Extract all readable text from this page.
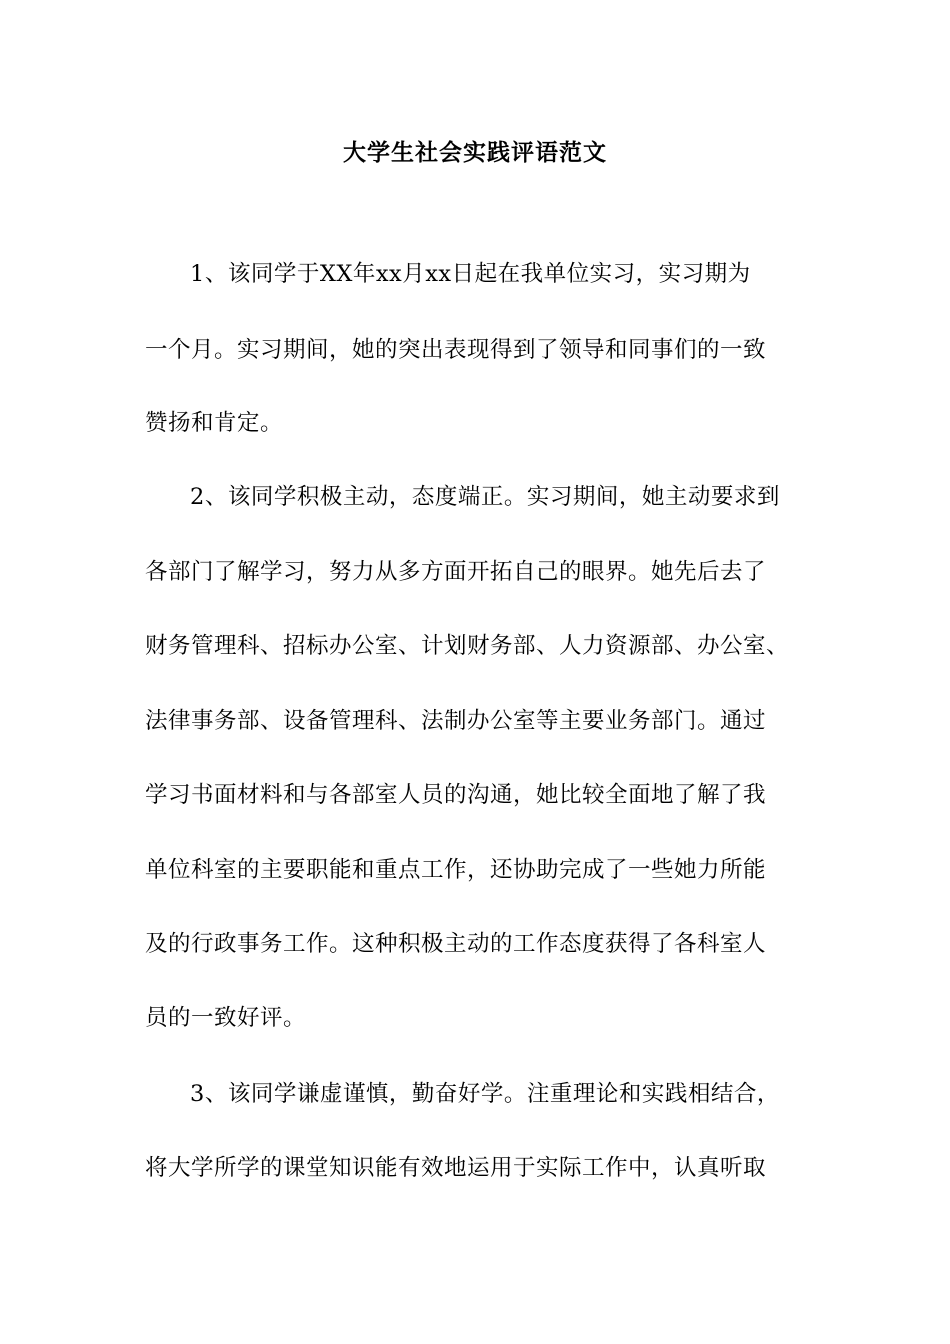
大学生社会实践评语范文
1、该同学于XX年xx月xx日起在我单位实习，实习期为
一个月。实习期间，她的突出表现得到了领导和同事们的一致
赞扬和肯定。
2、该同学积极主动，态度端正。实习期间，她主动要求到
各部门了解学习，努力从多方面开拓自己的眼界。她先后去了
财务管理科、招标办公室、计划财务部、人力资源部、办公室、
法律事务部、设备管理科、法制办公室等主要业务部门。通过
学习书面材料和与各部室人员的沟通，她比较全面地了解了我
单位科室的主要职能和重点工作，还协助完成了一些她力所能
及的行政事务工作。这种积极主动的工作态度获得了各科室人
员的一致好评。
3、该同学谦虚谨慎，勤奋好学。注重理论和实践相结合，
将大学所学的课堂知识能有效地运用于实际工作中，认真听取
